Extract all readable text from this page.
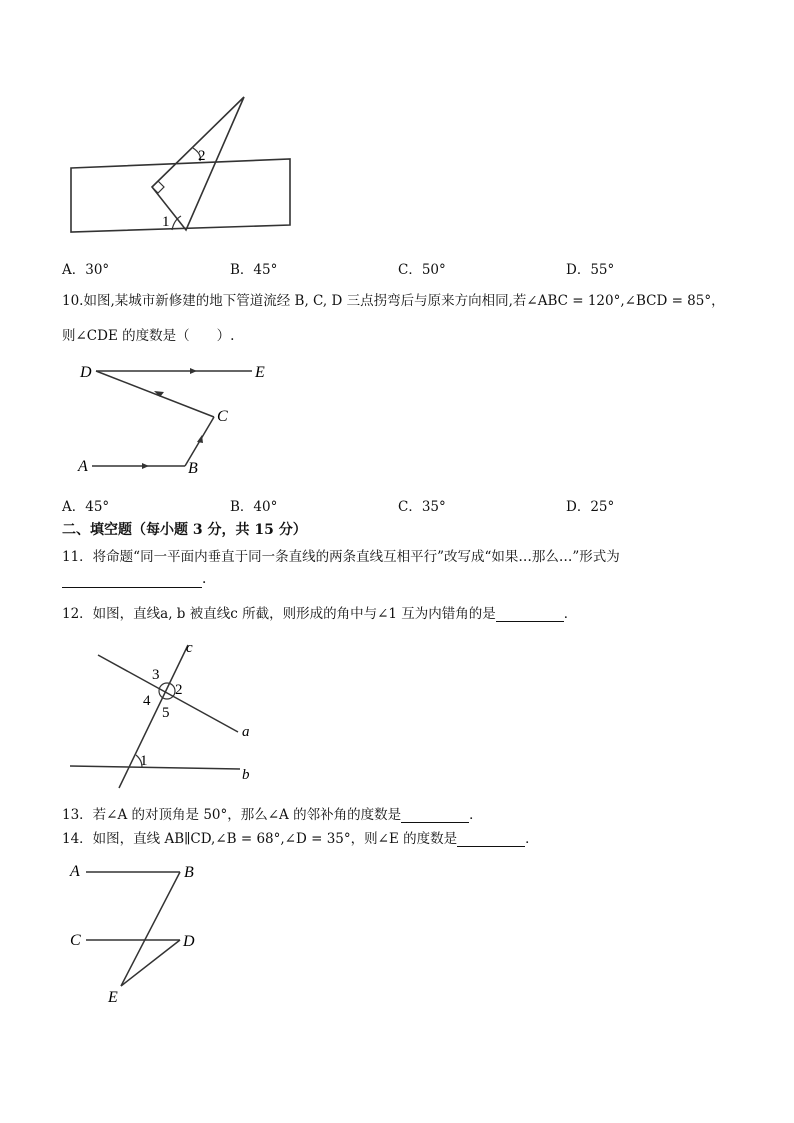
2
1
A．30°	B．45°	C．50°	D．55°
10.如图,某城市新修建的地下管道流经 B, C, D 三点拐弯后与原来方向相同,若∠ABC = 120°,∠BCD = 85°，
则∠CDE 的度数是（　　）.
D	E
C
A	B
A．45°	B．40°	C．35°	D．25°
二、填空题（每小题 3 分，共 15 分）
11．将命题“同一平面内垂直于同一条直线的两条直线互相平行”改写成“如果…那么…”形式为
．
12．如图，直线a, b 被直线c 所截，则形成的角中与∠1 互为内错角的是	．
c
3
2
4
5
a
1
b
13．若∠A 的对顶角是 50°，那么∠A 的邻补角的度数是	．
14．如图，直线 AB∥CD,∠B = 68°,∠D = 35°，则∠E 的度数是	．
A	B
C	D
E
